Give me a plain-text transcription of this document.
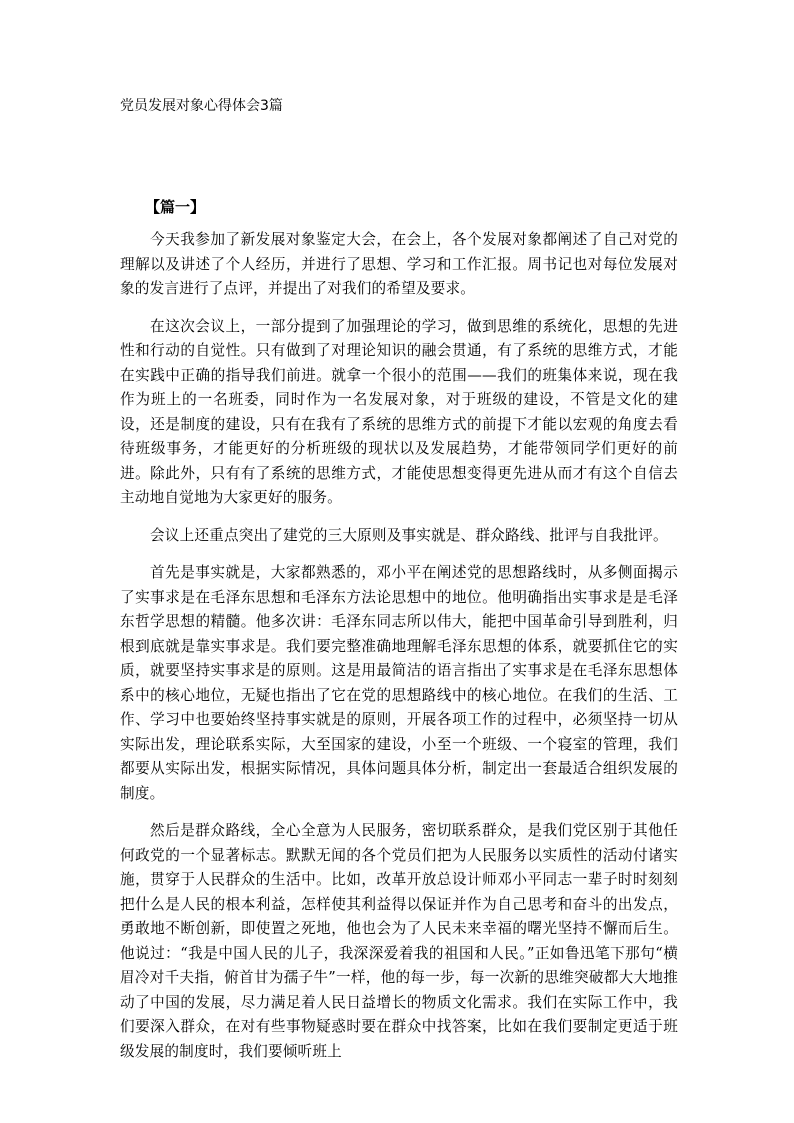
党员发展对象心得体会3篇
【篇一】

今天我参加了新发展对象鉴定大会，在会上，各个发展对象都阐述了自己对党的理解以及讲述了个人经历，并进行了思想、学习和工作汇报。周书记也对每位发展对象的发言进行了点评，并提出了对我们的希望及要求。

在这次会议上，一部分提到了加强理论的学习，做到思维的系统化，思想的先进性和行动的自觉性。只有做到了对理论知识的融会贯通，有了系统的思维方式，才能在实践中正确的指导我们前进。就拿一个很小的范围——我们的班集体来说，现在我作为班上的一名班委，同时作为一名发展对象，对于班级的建设，不管是文化的建设，还是制度的建设，只有在我有了系统的思维方式的前提下才能以宏观的角度去看待班级事务，才能更好的分析班级的现状以及发展趋势，才能带领同学们更好的前进。除此外，只有有了系统的思维方式，才能使思想变得更先进从而才有这个自信去主动地自觉地为大家更好的服务。

会议上还重点突出了建党的三大原则及事实就是、群众路线、批评与自我批评。

首先是事实就是，大家都熟悉的，邓小平在阐述党的思想路线时，从多侧面揭示了实事求是在毛泽东思想和毛泽东方法论思想中的地位。他明确指出实事求是是毛泽东哲学思想的精髓。他多次讲：毛泽东同志所以伟大，能把中国革命引导到胜利，归根到底就是靠实事求是。我们要完整准确地理解毛泽东思想的体系，就要抓住它的实质，就要坚持实事求是的原则。这是用最简洁的语言指出了实事求是在毛泽东思想体系中的核心地位，无疑也指出了它在党的思想路线中的核心地位。在我们的生活、工作、学习中也要始终坚持事实就是的原则，开展各项工作的过程中，必须坚持一切从实际出发，理论联系实际，大至国家的建设，小至一个班级、一个寝室的管理，我们都要从实际出发，根据实际情况，具体问题具体分析，制定出一套最适合组织发展的制度。

然后是群众路线，全心全意为人民服务，密切联系群众，是我们党区别于其他任何政党的一个显著标志。默默无闻的各个党员们把为人民服务以实质性的活动付诸实施，贯穿于人民群众的生活中。比如，改革开放总设计师邓小平同志一辈子时时刻刻把什么是人民的根本利益，怎样使其利益得以保证并作为自己思考和奋斗的出发点，勇敢地不断创新，即使置之死地，他也会为了人民未来幸福的曙光坚持不懈而后生。他说过：“我是中国人民的儿子，我深深爱着我的祖国和人民。”正如鲁迅笔下那句“横眉冷对千夫指，俯首甘为孺子牛”一样，他的每一步，每一次新的思维突破都大大地推动了中国的发展，尽力满足着人民日益增长的物质文化需求。我们在实际工作中，我们要深入群众，在对有些事物疑惑时要在群众中找答案，比如在我们要制定更适于班级发展的制度时，我们要倾听班上
